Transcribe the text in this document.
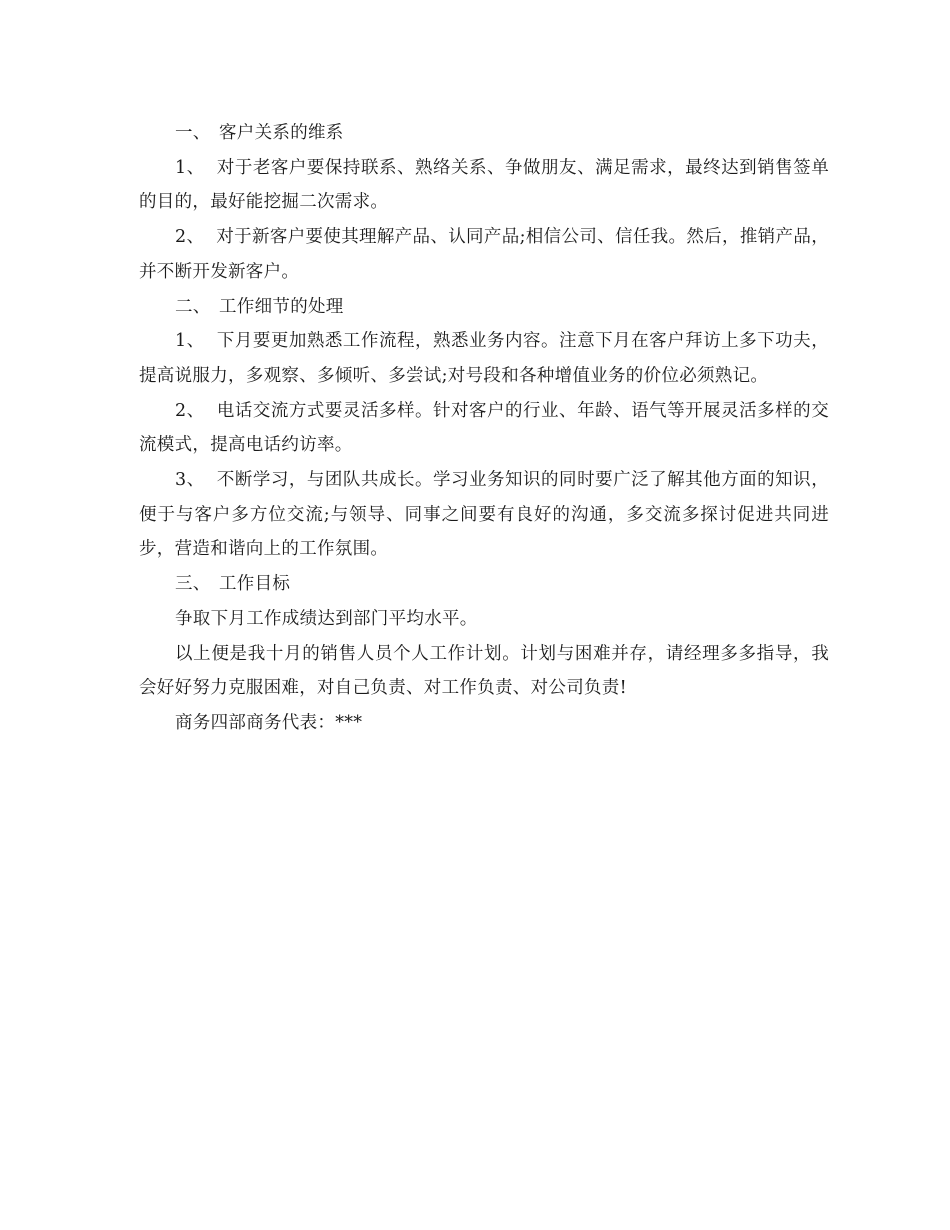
一、 客户关系的维系

1、 对于老客户要保持联系、熟络关系、争做朋友、满足需求，最终达到销售签单的目的，最好能挖掘二次需求。

2、 对于新客户要使其理解产品、认同产品;相信公司、信任我。然后，推销产品，并不断开发新客户。

二、 工作细节的处理

1、 下月要更加熟悉工作流程，熟悉业务内容。注意下月在客户拜访上多下功夫，提高说服力，多观察、多倾听、多尝试;对号段和各种增值业务的价位必须熟记。

2、 电话交流方式要灵活多样。针对客户的行业、年龄、语气等开展灵活多样的交流模式，提高电话约访率。

3、 不断学习，与团队共成长。学习业务知识的同时要广泛了解其他方面的知识，便于与客户多方位交流;与领导、同事之间要有良好的沟通，多交流多探讨促进共同进步，营造和谐向上的工作氛围。

三、 工作目标

争取下月工作成绩达到部门平均水平。

以上便是我十月的销售人员个人工作计划。计划与困难并存，请经理多多指导，我会好好努力克服困难，对自己负责、对工作负责、对公司负责!

商务四部商务代表：***
